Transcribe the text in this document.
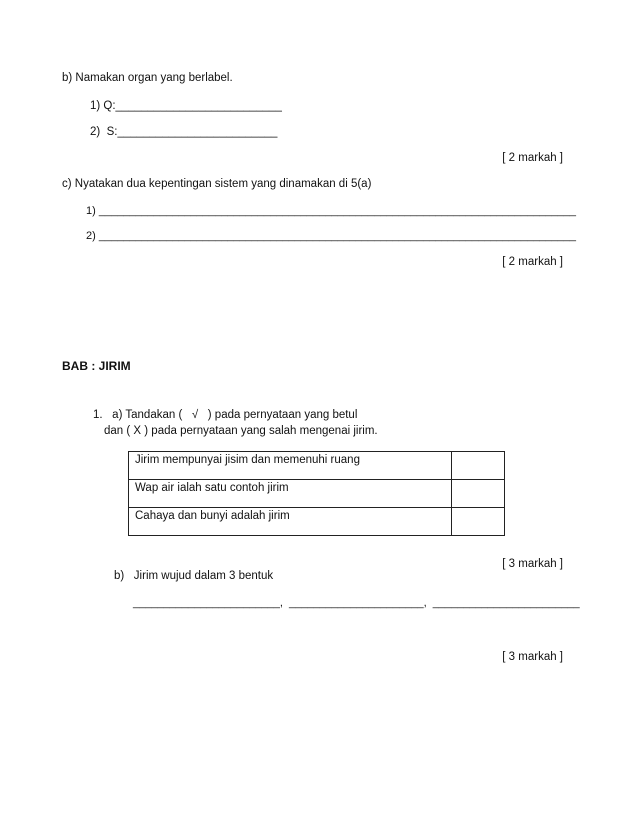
b) Namakan organ yang berlabel.
1) Q:__________________________
2)  S:_________________________
[ 2 markah ]
c) Nyatakan dua kepentingan sistem yang dinamakan di 5(a)
1) ______________________________________________________________________________
2) ______________________________________________________________________________
[ 2 markah ]
BAB : JIRIM
1.   a) Tandakan (   √   ) pada pernyataan yang betul
dan ( X ) pada pernyataan yang salah mengenai jirim.
Jirim mempunyai jisim dan memenuhi ruang	
Wap air ialah satu contoh jirim	
Cahaya dan bunyi adalah jirim	
[ 3 markah ]
b)   Jirim wujud dalam 3 bentuk
________________________,  ______________________,  ________________________
[ 3 markah ]
